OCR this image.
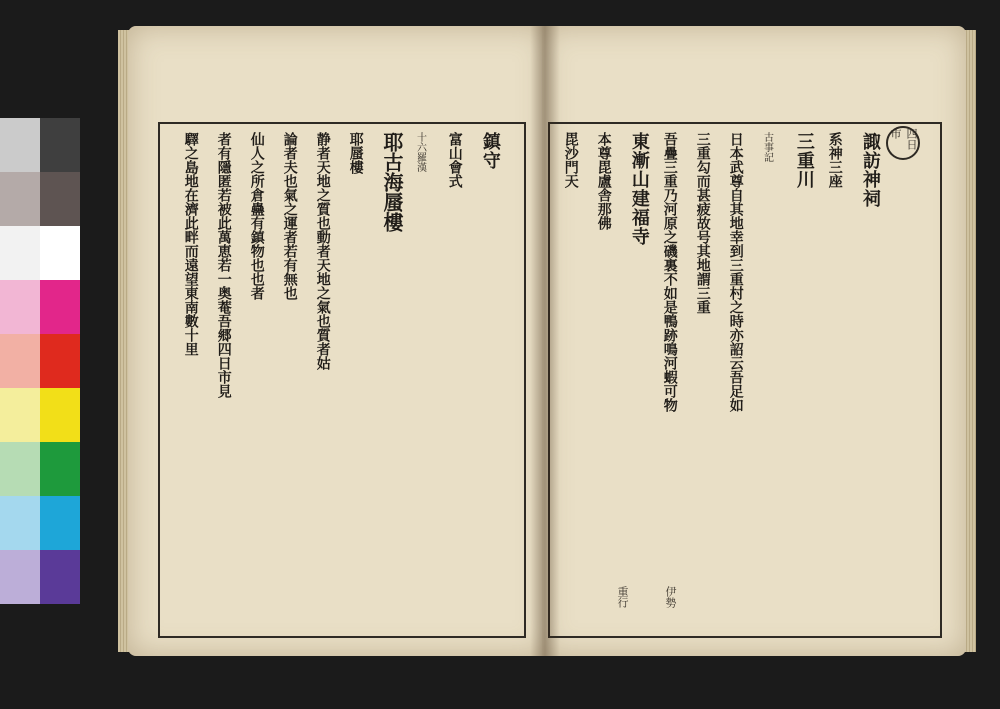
鎮守
富山會式
十六羅漢
耶古海蜃樓
耶蜃樓
静者天地之質也動者天地之氣也質者姑
論者夫也氣之運者若有無也
仙人之所倉蠱有鎮物也也者
者有隱匿若被此萬恵若一奥菴吾郷四日市見
驛之島地在濟此畔而遠望東南數十里	四日市
諏訪神祠
系神三座
三重川
古事記
日本武尊自其地幸到三重村之時亦詔云吾足如
三重勾而甚疲故号其地謂三重
吾疊三重乃河原之磯裏不如是鴨跡鳴河蝦可物
東漸山建福寺
本尊毘盧舎那佛
毘沙門天
伊勢
重行
